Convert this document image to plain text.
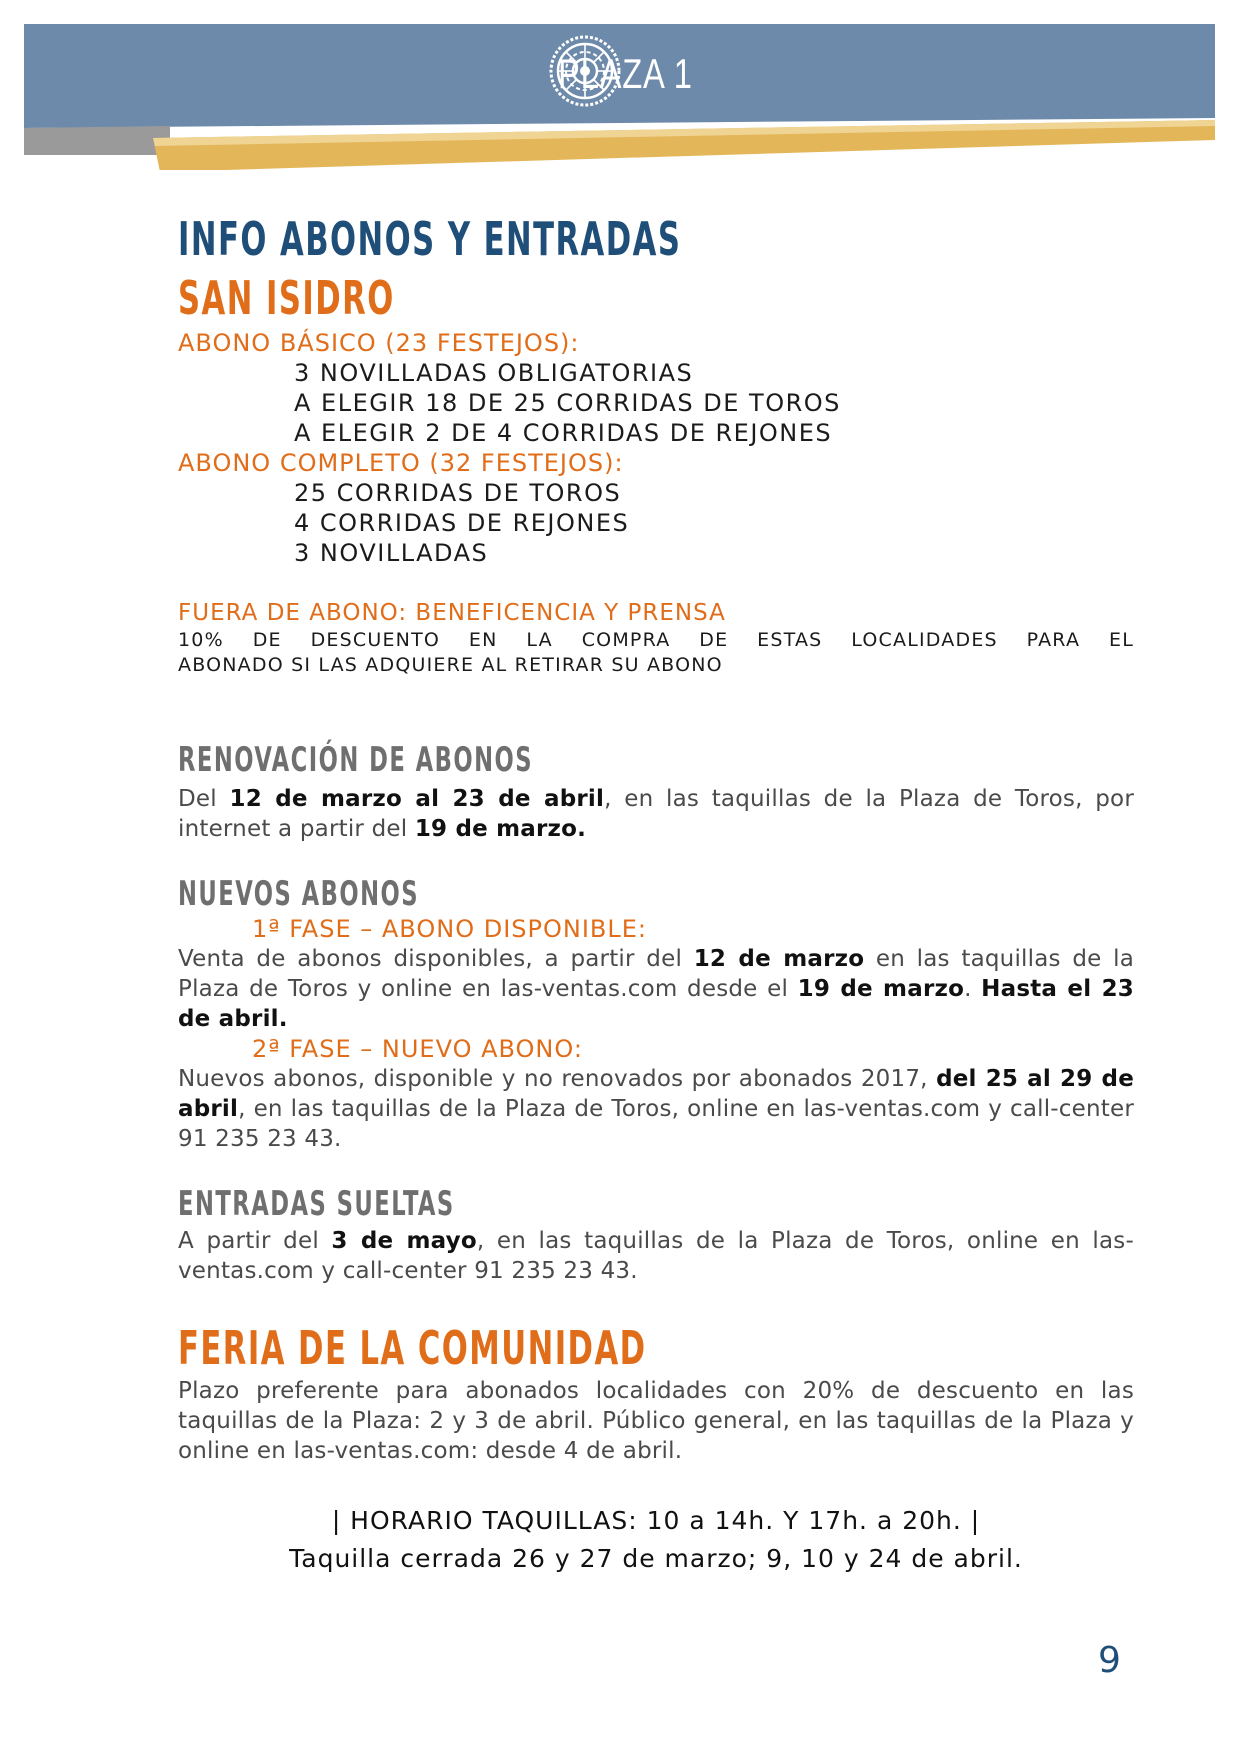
PLAZA 1
INFO ABONOS Y ENTRADAS
SAN ISIDRO
ABONO BÁSICO (23 FESTEJOS):
3 NOVILLADAS OBLIGATORIAS
A ELEGIR 18 DE 25 CORRIDAS DE TOROS
A ELEGIR 2 DE 4 CORRIDAS DE REJONES
ABONO COMPLETO (32 FESTEJOS):
25 CORRIDAS DE TOROS
4 CORRIDAS DE REJONES
3 NOVILLADAS
FUERA DE ABONO: BENEFICENCIA Y PRENSA
10% DE DESCUENTO EN LA COMPRA DE ESTAS LOCALIDADES PARA EL
ABONADO SI LAS ADQUIERE AL RETIRAR SU ABONO
RENOVACIÓN DE ABONOS

Del 12 de marzo al 23 de abril, en las taquillas de la Plaza de Toros, por internet a partir del 19 de marzo.

NUEVOS ABONOS
1ª FASE – ABONO DISPONIBLE:

Venta de abonos disponibles, a partir del 12 de marzo en las taquillas de la Plaza de Toros y online en las-ventas.com desde el 19 de marzo. Hasta el 23 de abril.

2ª FASE – NUEVO ABONO:

Nuevos abonos, disponible y no renovados por abonados 2017, del 25 al 29 de abril, en las taquillas de la Plaza de Toros, online en las-ventas.com y call-center 91 235 23 43.

ENTRADAS SUELTAS

A partir del 3 de mayo, en las taquillas de la Plaza de Toros, online en las-ventas.com y call-center 91 235 23 43.

FERIA DE LA COMUNIDAD

Plazo preferente para abonados localidades con 20% de descuento en las taquillas de la Plaza: 2 y 3 de abril. Público general, en las taquillas de la Plaza y online en las-ventas.com: desde 4 de abril.

| HORARIO TAQUILLAS: 10 a 14h. Y 17h. a 20h. |
Taquilla cerrada 26 y 27 de marzo; 9, 10 y 24 de abril.
9
